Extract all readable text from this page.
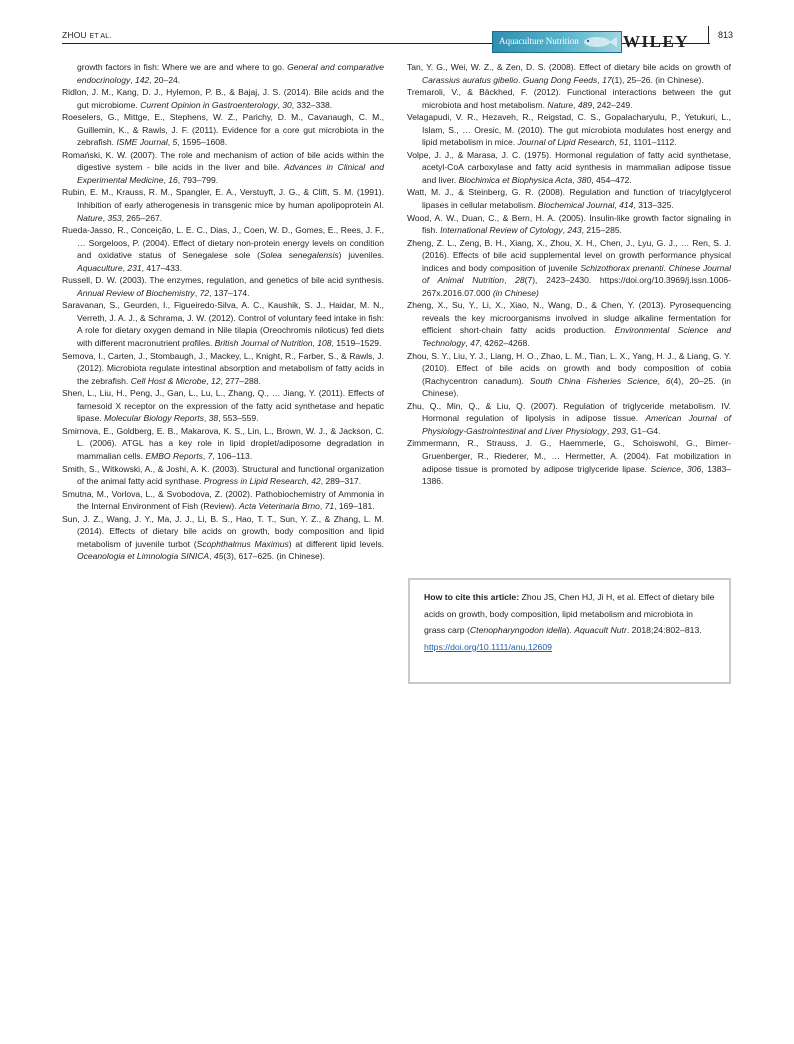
ZHOU ET AL.	Aquaculture Nutrition	WILEY	813

growth factors in fish: Where we are and where to go. General and comparative endocrinology, 142, 20–24.

Ridlon, J. M., Kang, D. J., Hylemon, P. B., & Bajaj, J. S. (2014). Bile acids and the gut microbiome. Current Opinion in Gastroenterology, 30, 332–338.

Roeselers, G., Mittge, E., Stephens, W. Z., Parichy, D. M., Cavanaugh, C. M., Guillemin, K., & Rawls, J. F. (2011). Evidence for a core gut microbiota in the zebrafish. ISME Journal, 5, 1595–1608.

Romański, K. W. (2007). The role and mechanism of action of bile acids within the digestive system - bile acids in the liver and bile. Advances in Clinical and Experimental Medicine, 16, 793–799.

Rubin, E. M., Krauss, R. M., Spangler, E. A., Verstuyft, J. G., & Clift, S. M. (1991). Inhibition of early atherogenesis in transgenic mice by human apolipoprotein AI. Nature, 353, 265–267.

Rueda-Jasso, R., Conceição, L. E. C., Dias, J., Coen, W. D., Gomes, E., Rees, J. F., … Sorgeloos, P. (2004). Effect of dietary non-protein energy levels on condition and oxidative status of Senegalese sole (Solea senegalensis) juveniles. Aquaculture, 231, 417–433.

Russell, D. W. (2003). The enzymes, regulation, and genetics of bile acid synthesis. Annual Review of Biochemistry, 72, 137–174.

Saravanan, S., Geurden, I., Figueiredo-Silva, A. C., Kaushik, S. J., Haidar, M. N., Verreth, J. A. J., & Schrama, J. W. (2012). Control of voluntary feed intake in fish: A role for dietary oxygen demand in Nile tilapia (Oreochromis niloticus) fed diets with different macronutrient profiles. British Journal of Nutrition, 108, 1519–1529.

Semova, I., Carten, J., Stombaugh, J., Mackey, L., Knight, R., Farber, S., & Rawls, J. (2012). Microbiota regulate intestinal absorption and metabolism of fatty acids in the zebrafish. Cell Host & Microbe, 12, 277–288.

Shen, L., Liu, H., Peng, J., Gan, L., Lu, L., Zhang, Q., … Jiang, Y. (2011). Effects of farnesoid X receptor on the expression of the fatty acid synthetase and hepatic lipase. Molecular Biology Reports, 38, 553–559.

Smirnova, E., Goldberg, E. B., Makarova, K. S., Lin, L., Brown, W. J., & Jackson, C. L. (2006). ATGL has a key role in lipid droplet/adiposome degradation in mammalian cells. EMBO Reports, 7, 106–113.

Smith, S., Witkowski, A., & Joshi, A. K. (2003). Structural and functional organization of the animal fatty acid synthase. Progress in Lipid Research, 42, 289–317.

Smutna, M., Vorlova, L., & Svobodova, Z. (2002). Pathobiochemistry of Ammonia in the Internal Environment of Fish (Review). Acta Veterinaria Brno, 71, 169–181.

Sun, J. Z., Wang, J. Y., Ma, J. J., Li, B. S., Hao, T. T., Sun, Y. Z., & Zhang, L. M. (2014). Effects of dietary bile acids on growth, body composition and lipid metabolism of juvenile turbot (Scophthalmus Maximus) at different lipid levels. Oceanologia et Limnologia SINICA, 45(3), 617–625. (in Chinese).

Tan, Y. G., Wei, W. Z., & Zen, D. S. (2008). Effect of dietary bile acids on growth of Carassius auratus gibelio. Guang Dong Feeds, 17(1), 25–26. (in Chinese).

Tremaroli, V., & Bäckhed, F. (2012). Functional interactions between the gut microbiota and host metabolism. Nature, 489, 242–249.

Velagapudi, V. R., Hezaveh, R., Reigstad, C. S., Gopalacharyulu, P., Yetukuri, L., Islam, S., … Oresic, M. (2010). The gut microbiota modulates host energy and lipid metabolism in mice. Journal of Lipid Research, 51, 1101–1112.

Volpe, J. J., & Marasa, J. C. (1975). Hormonal regulation of fatty acid synthetase, acetyl-CoA carboxylase and fatty acid synthesis in mammalian adipose tissue and liver. Biochimica et Biophysica Acta, 380, 454–472.

Watt, M. J., & Steinberg, G. R. (2008). Regulation and function of triacylglycerol lipases in cellular metabolism. Biochemical Journal, 414, 313–325.

Wood, A. W., Duan, C., & Bern, H. A. (2005). Insulin-like growth factor signaling in fish. International Review of Cytology, 243, 215–285.

Zheng, Z. L., Zeng, B. H., Xiang, X., Zhou, X. H., Chen, J., Lyu, G. J., … Ren, S. J. (2016). Effects of bile acid supplemental level on growth performance physical indices and body composition of juvenile Schizothorax prenanti. Chinese Journal of Animal Nutrition, 28(7), 2423–2430. https://doi.org/10.3969/j.issn.1006-267x.2016.07.000 (in Chinese)

Zheng, X., Su, Y., Li, X., Xiao, N., Wang, D., & Chen, Y. (2013). Pyrosequencing reveals the key microorganisms involved in sludge alkaline fermentation for efficient short-chain fatty acids production. Environmental Science and Technology, 47, 4262–4268.

Zhou, S. Y., Liu, Y. J., Liang, H. O., Zhao, L. M., Tian, L. X., Yang, H. J., & Liang, G. Y. (2010). Effect of bile acids on growth and body composition of cobia (Rachycentron canadum). South China Fisheries Science, 6(4), 20–25. (in Chinese).

Zhu, Q., Min, Q., & Liu, Q. (2007). Regulation of triglyceride metabolism. IV. Hormonal regulation of lipolysis in adipose tissue. American Journal of Physiology-Gastrointestinal and Liver Physiology, 293, G1–G4.

Zimmermann, R., Strauss, J. G., Haemmerle, G., Schoiswohl, G., Birner-Gruenberger, R., Riederer, M., … Hermetter, A. (2004). Fat mobilization in adipose tissue is promoted by adipose triglyceride lipase. Science, 306, 1383–1386.

How to cite this article: Zhou JS, Chen HJ, Ji H, et al. Effect of dietary bile acids on growth, body composition, lipid metabolism and microbiota in grass carp (Ctenopharyngodon idella). Aquacult Nutr. 2018;24:802–813.
https://doi.org/10.1111/anu.12609
